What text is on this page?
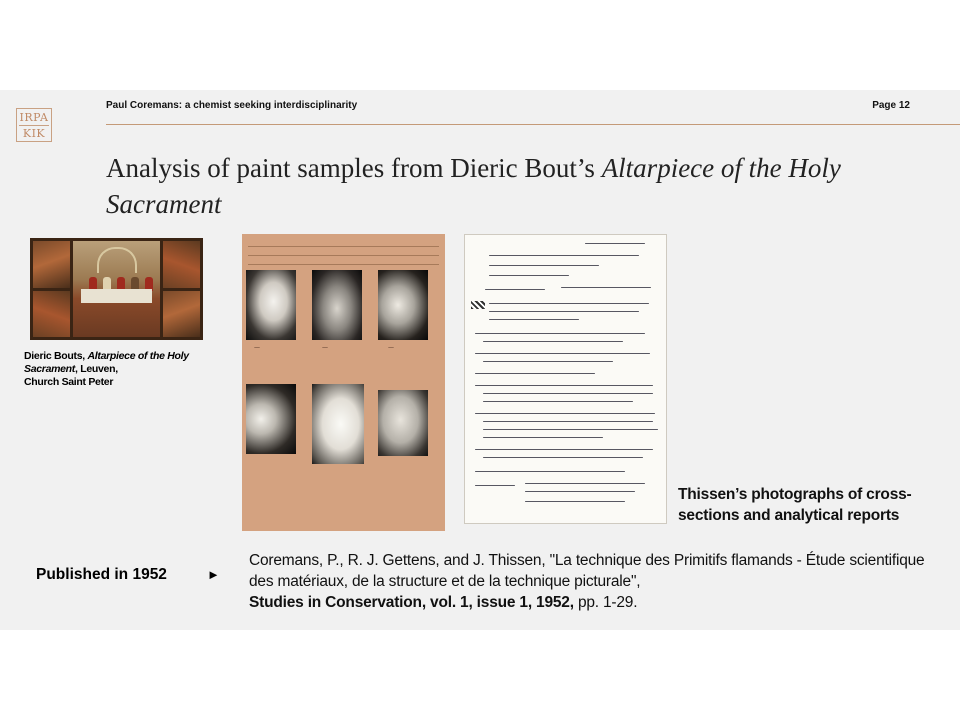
IRPA
KIK
Paul Coremans: a chemist seeking interdisciplinarity	Page 12
Analysis of paint samples from Dieric Bout’s Altarpiece of the Holy Sacrament
Dieric Bouts, Altarpiece of the Holy Sacrament, Leuven,
Church Saint Peter
—	—	—
Thissen’s photographs of cross-sections and analytical reports
Published in 1952	►
Coremans, P., R. J. Gettens, and J. Thissen, "La technique des Primitifs flamands - Étude scientifique des matériaux, de la structure et de la technique picturale",
Studies in Conservation, vol. 1, issue 1, 1952, pp. 1-29.
